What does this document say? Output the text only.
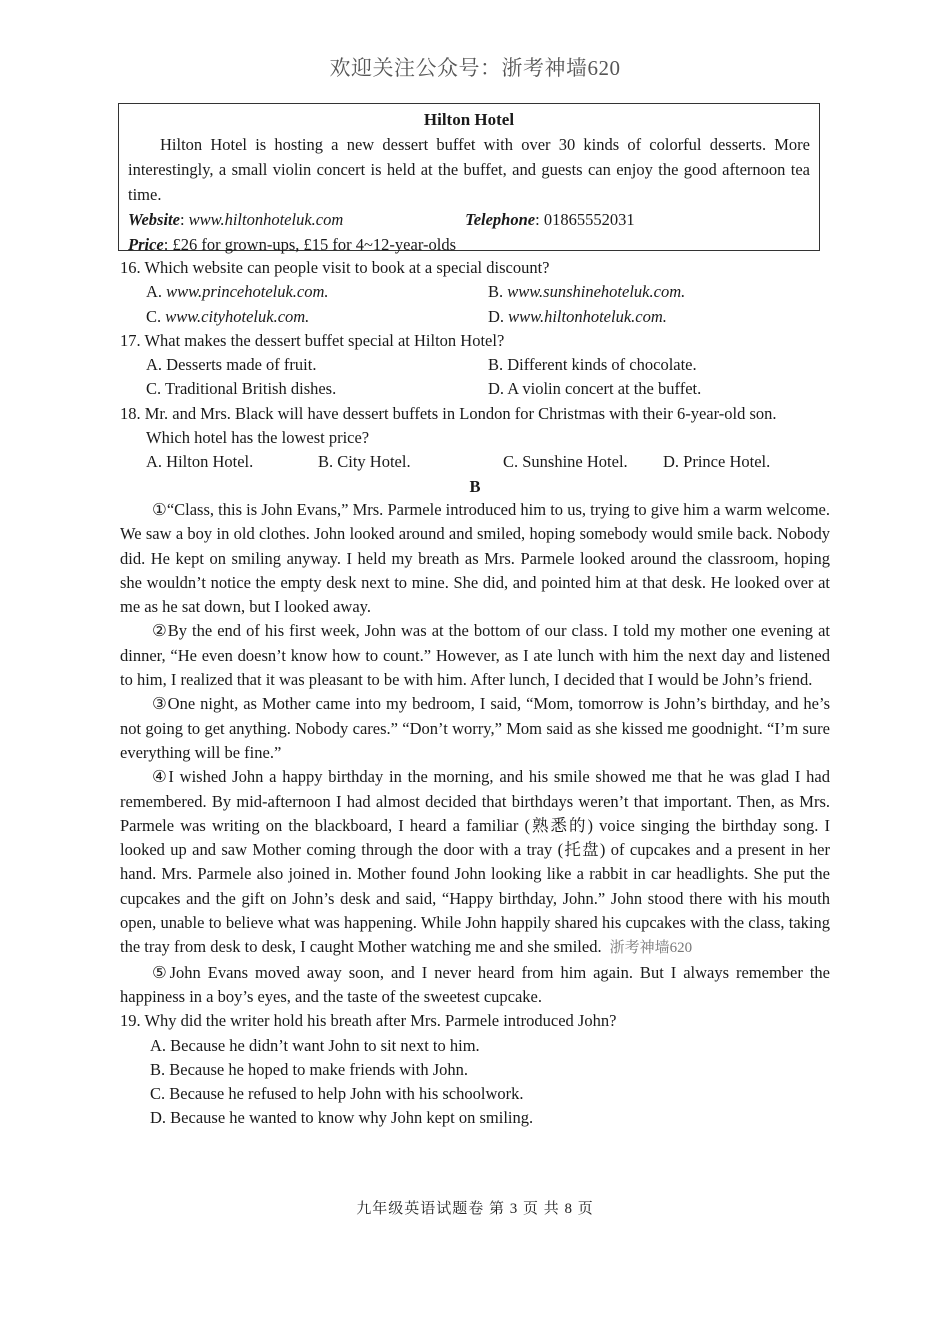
欢迎关注公众号：浙考神墙620
Hilton Hotel
Hilton Hotel is hosting a new dessert buffet with over 30 kinds of colorful desserts. More interestingly, a small violin concert is held at the buffet, and guests can enjoy the good afternoon tea time.
Website: www.hiltonhoteluk.com	Telephone: 01865552031
Price: £26 for grown-ups, £15 for 4~12-year-olds
16. Which website can people visit to book at a special discount?
A. www.princehoteluk.com.	B. www.sunshinehoteluk.com.
C. www.cityhoteluk.com.	D. www.hiltonhoteluk.com.
17. What makes the dessert buffet special at Hilton Hotel?
A. Desserts made of fruit.	B. Different kinds of chocolate.
C. Traditional British dishes.	D. A violin concert at the buffet.
18. Mr. and Mrs. Black will have dessert buffets in London for Christmas with their 6-year-old son.
Which hotel has the lowest price?
A. Hilton Hotel.	B. City Hotel.	C. Sunshine Hotel.	D. Prince Hotel.
B
①“Class, this is John Evans,” Mrs. Parmele introduced him to us, trying to give him a warm welcome. We saw a boy in old clothes. John looked around and smiled, hoping somebody would smile back. Nobody did. He kept on smiling anyway. I held my breath as Mrs. Parmele looked around the classroom, hoping she wouldn’t notice the empty desk next to mine. She did, and pointed him at that desk. He looked over at me as he sat down, but I looked away.
②By the end of his first week, John was at the bottom of our class. I told my mother one evening at dinner, “He even doesn’t know how to count.” However, as I ate lunch with him the next day and listened to him, I realized that it was pleasant to be with him. After lunch, I decided that I would be John’s friend.
③One night, as Mother came into my bedroom, I said, “Mom, tomorrow is John’s birthday, and he’s not going to get anything. Nobody cares.” “Don’t worry,” Mom said as she kissed me goodnight. “I’m sure everything will be fine.”
④I wished John a happy birthday in the morning, and his smile showed me that he was glad I had remembered. By mid-afternoon I had almost decided that birthdays weren’t that important. Then, as Mrs. Parmele was writing on the blackboard, I heard a familiar (熟悉的) voice singing the birthday song. I looked up and saw Mother coming through the door with a tray (托盘) of cupcakes and a present in her hand. Mrs. Parmele also joined in. Mother found John looking like a rabbit in car headlights. She put the cupcakes and the gift on John’s desk and said, “Happy birthday, John.” John stood there with his mouth open, unable to believe what was happening. While John happily shared his cupcakes with the class, taking the tray from desk to desk, I caught Mother watching me and she smiled. 浙考神墙620
⑤John Evans moved away soon, and I never heard from him again. But I always remember the happiness in a boy’s eyes, and the taste of the sweetest cupcake.
19. Why did the writer hold his breath after Mrs. Parmele introduced John?
A. Because he didn’t want John to sit next to him.
B. Because he hoped to make friends with John.
C. Because he refused to help John with his schoolwork.
D. Because he wanted to know why John kept on smiling.
九年级英语试题卷 第 3 页 共 8 页
